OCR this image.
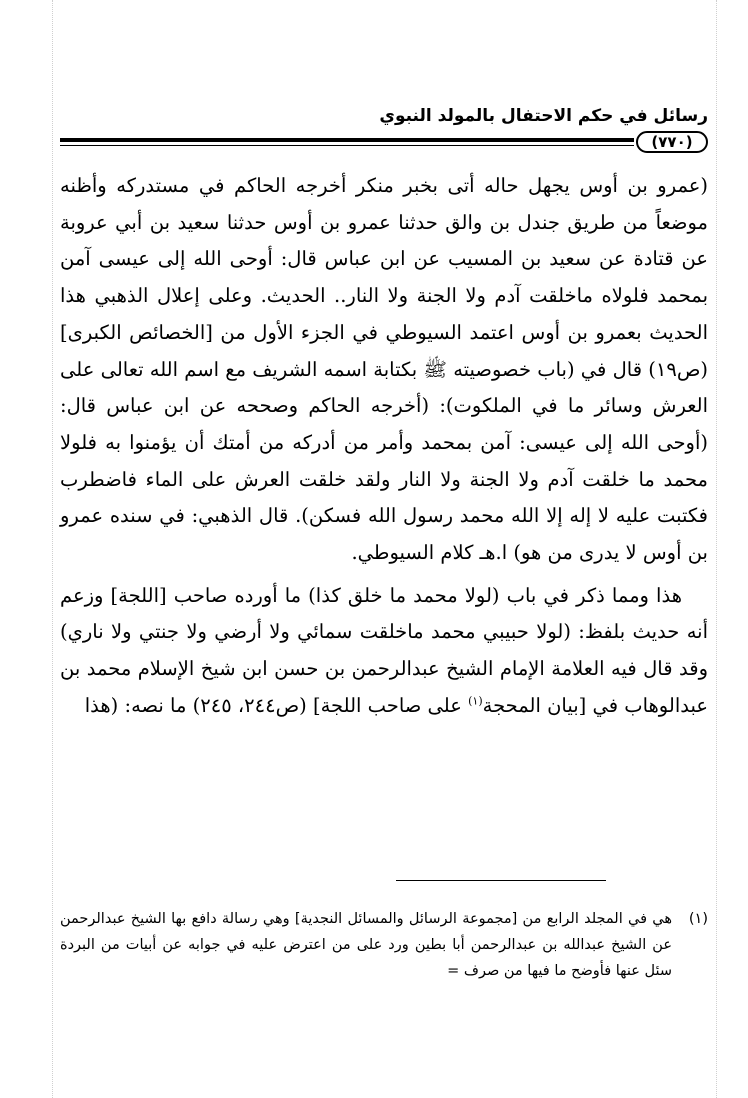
رسائل في حكم الاحتفال بالمولد النبوي
(٧٧٠)

(عمرو بن أوس يجهل حاله أتى بخبر منكر أخرجه الحاكم في مستدركه وأظنه موضعاً من طريق جندل بن والق حدثنا عمرو بن أوس حدثنا سعيد بن أبي عروبة عن قتادة عن سعيد بن المسيب عن ابن عباس قال: أوحى الله إلى عيسى آمن بمحمد فلولاه ماخلقت آدم ولا الجنة ولا النار.. الحديث. وعلى إعلال الذهبي هذا الحديث بعمرو بن أوس اعتمد السيوطي في الجزء الأول من [الخصائص الكبرى] (ص١٩) قال في (باب خصوصيته ﷺ بكتابة اسمه الشريف مع اسم الله تعالى على العرش وسائر ما في الملكوت): (أخرجه الحاكم وصححه عن ابن عباس قال: (أوحى الله إلى عيسى: آمن بمحمد وأمر من أدركه من أمتك أن يؤمنوا به فلولا محمد ما خلقت آدم ولا الجنة ولا النار ولقد خلقت العرش على الماء فاضطرب فكتبت عليه لا إله إلا الله محمد رسول الله فسكن). قال الذهبي: في سنده عمرو بن أوس لا يدرى من هو) ا.هـ كلام السيوطي.

هذا ومما ذكر في باب (لولا محمد ما خلق كذا) ما أورده صاحب [اللجة] وزعم أنه حديث بلفظ: (لولا حبيبي محمد ماخلقت سمائي ولا أرضي ولا جنتي ولا ناري) وقد قال فيه العلامة الإمام الشيخ عبدالرحمن بن حسن ابن شيخ الإسلام محمد بن عبدالوهاب في [بيان المحجة$^{(١)}$ على صاحب اللجة] (ص٢٤٤، ٢٤٥) ما نصه: (هذا

(١)
هي في المجلد الرابع من [مجموعة الرسائل والمسائل النجدية] وهي رسالة دافع بها الشيخ عبدالرحمن عن الشيخ عبدالله بن عبدالرحمن أبا بطين ورد على من اعترض عليه في جوابه عن أبيات من البردة سئل عنها فأوضح ما فيها من صرف =
